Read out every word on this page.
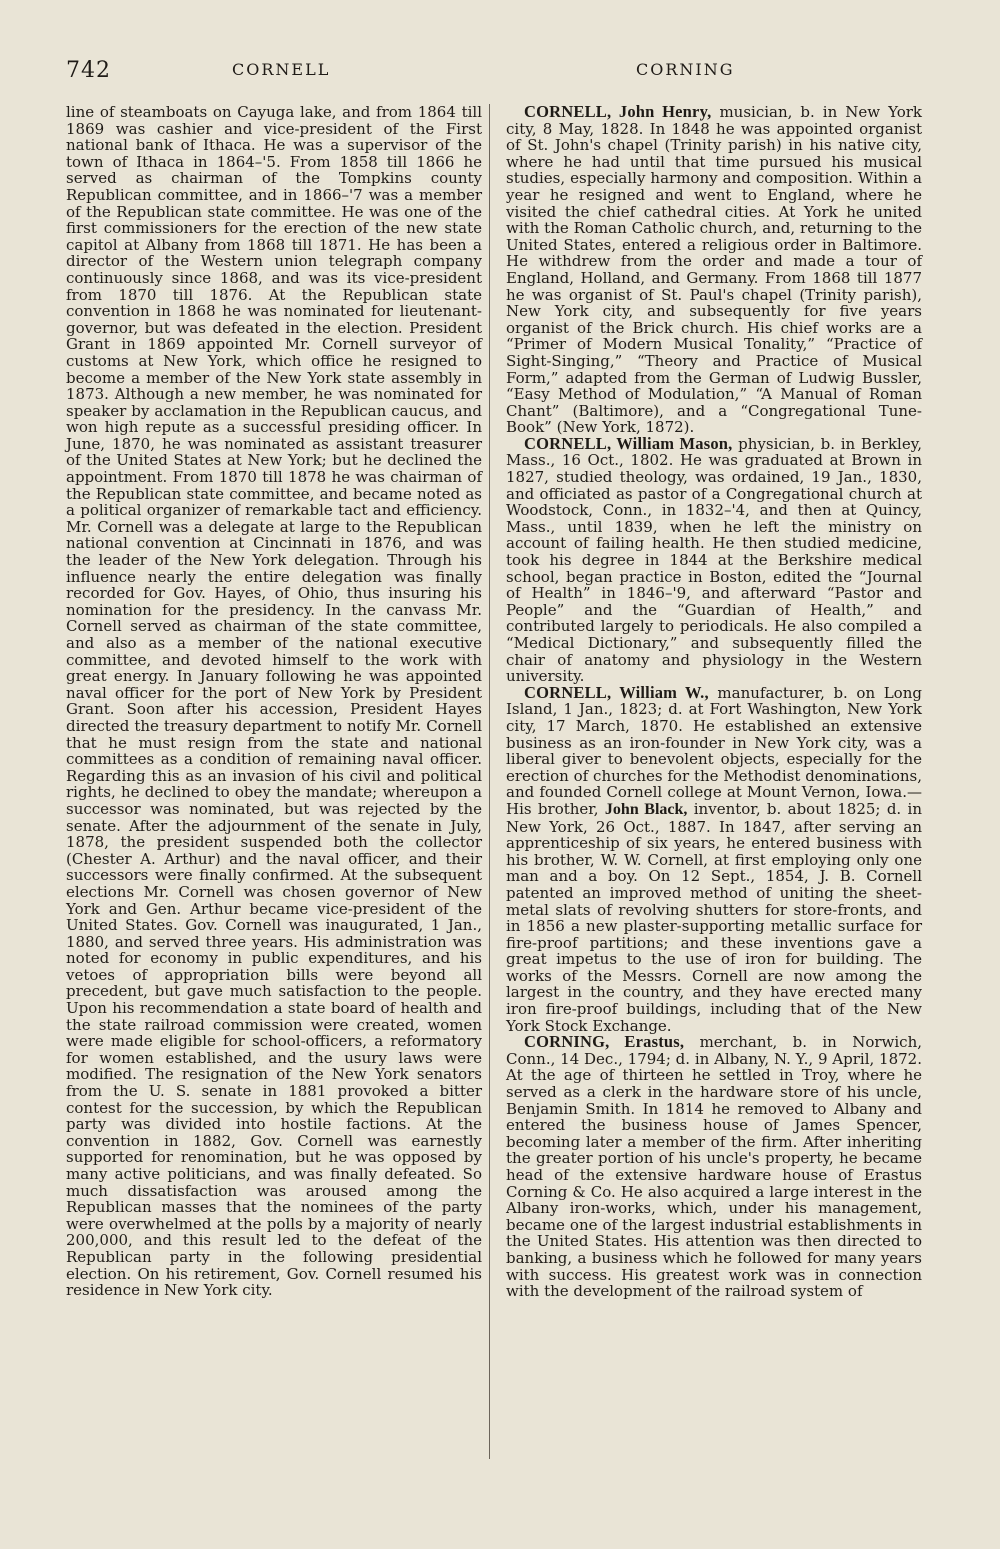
742	CORNELL	CORNING

line of steamboats on Cayuga lake, and from 1864 till 1869 was cashier and vice-president of the First national bank of Ithaca. He was a supervisor of the town of Ithaca in 1864–'5. From 1858 till 1866 he served as chairman of the Tompkins county Republican committee, and in 1866–'7 was a member of the Republican state committee. He was one of the first commissioners for the erection of the new state capitol at Albany from 1868 till 1871. He has been a director of the Western union telegraph company continuously since 1868, and was its vice-president from 1870 till 1876. At the Republican state convention in 1868 he was nominated for lieutenant-governor, but was defeated in the election. President Grant in 1869 appointed Mr. Cornell surveyor of customs at New York, which office he resigned to become a member of the New York state assembly in 1873. Although a new member, he was nominated for speaker by acclamation in the Republican caucus, and won high repute as a successful presiding officer. In June, 1870, he was nominated as assistant treasurer of the United States at New York; but he declined the appointment. From 1870 till 1878 he was chairman of the Republican state committee, and became noted as a political organizer of remarkable tact and efficiency. Mr. Cornell was a delegate at large to the Republican national convention at Cincinnati in 1876, and was the leader of the New York delegation. Through his influence nearly the entire delegation was finally recorded for Gov. Hayes, of Ohio, thus insuring his nomination for the presidency. In the canvass Mr. Cornell served as chairman of the state committee, and also as a member of the national executive committee, and devoted himself to the work with great energy. In January following he was appointed naval officer for the port of New York by President Grant. Soon after his accession, President Hayes directed the treasury department to notify Mr. Cornell that he must resign from the state and national committees as a condition of remaining naval officer. Regarding this as an invasion of his civil and political rights, he declined to obey the mandate; whereupon a successor was nominated, but was rejected by the senate. After the adjournment of the senate in July, 1878, the president suspended both the collector (Chester A. Arthur) and the naval officer, and their successors were finally confirmed. At the subsequent elections Mr. Cornell was chosen governor of New York and Gen. Arthur became vice-president of the United States. Gov. Cornell was inaugurated, 1 Jan., 1880, and served three years. His administration was noted for economy in public expenditures, and his vetoes of appropriation bills were beyond all precedent, but gave much satisfaction to the people. Upon his recommendation a state board of health and the state railroad commission were created, women were made eligible for school-officers, a reformatory for women established, and the usury laws were modified. The resignation of the New York senators from the U. S. senate in 1881 provoked a bitter contest for the succession, by which the Republican party was divided into hostile factions. At the convention in 1882, Gov. Cornell was earnestly supported for renomination, but he was opposed by many active politicians, and was finally defeated. So much dissatisfaction was aroused among the Republican masses that the nominees of the party were overwhelmed at the polls by a majority of nearly 200,000, and this result led to the defeat of the Republican party in the following presidential election. On his retirement, Gov. Cornell resumed his residence in New York city.

CORNELL, John Henry, musician, b. in New York city, 8 May, 1828. In 1848 he was appointed organist of St. John's chapel (Trinity parish) in his native city, where he had until that time pursued his musical studies, especially harmony and composition. Within a year he resigned and went to England, where he visited the chief cathedral cities. At York he united with the Roman Catholic church, and, returning to the United States, entered a religious order in Baltimore. He withdrew from the order and made a tour of England, Holland, and Germany. From 1868 till 1877 he was organist of St. Paul's chapel (Trinity parish), New York city, and subsequently for five years organist of the Brick church. His chief works are a “Primer of Modern Musical Tonality,” “Practice of Sight-Singing,” “Theory and Practice of Musical Form,” adapted from the German of Ludwig Bussler, “Easy Method of Modulation,” “A Manual of Roman Chant” (Baltimore), and a “Congregational Tune-Book” (New York, 1872).

CORNELL, William Mason, physician, b. in Berkley, Mass., 16 Oct., 1802. He was graduated at Brown in 1827, studied theology, was ordained, 19 Jan., 1830, and officiated as pastor of a Congregational church at Woodstock, Conn., in 1832–'4, and then at Quincy, Mass., until 1839, when he left the ministry on account of failing health. He then studied medicine, took his degree in 1844 at the Berkshire medical school, began practice in Boston, edited the “Journal of Health” in 1846–'9, and afterward “Pastor and People” and the “Guardian of Health,” and contributed largely to periodicals. He also compiled a “Medical Dictionary,” and subsequently filled the chair of anatomy and physiology in the Western university.

CORNELL, William W., manufacturer, b. on Long Island, 1 Jan., 1823; d. at Fort Washington, New York city, 17 March, 1870. He established an extensive business as an iron-founder in New York city, was a liberal giver to benevolent objects, especially for the erection of churches for the Methodist denominations, and founded Cornell college at Mount Vernon, Iowa.—His brother, John Black, inventor, b. about 1825; d. in New York, 26 Oct., 1887. In 1847, after serving an apprenticeship of six years, he entered business with his brother, W. W. Cornell, at first employing only one man and a boy. On 12 Sept., 1854, J. B. Cornell patented an improved method of uniting the sheet-metal slats of revolving shutters for store-fronts, and in 1856 a new plaster-supporting metallic surface for fire-proof partitions; and these inventions gave a great impetus to the use of iron for building. The works of the Messrs. Cornell are now among the largest in the country, and they have erected many iron fire-proof buildings, including that of the New York Stock Exchange.

CORNING, Erastus, merchant, b. in Norwich, Conn., 14 Dec., 1794; d. in Albany, N. Y., 9 April, 1872. At the age of thirteen he settled in Troy, where he served as a clerk in the hardware store of his uncle, Benjamin Smith. In 1814 he removed to Albany and entered the business house of James Spencer, becoming later a member of the firm. After inheriting the greater portion of his uncle's property, he became head of the extensive hardware house of Erastus Corning & Co. He also acquired a large interest in the Albany iron-works, which, under his management, became one of the largest industrial establishments in the United States. His attention was then directed to banking, a business which he followed for many years with success. His greatest work was in connection with the development of the railroad system of
